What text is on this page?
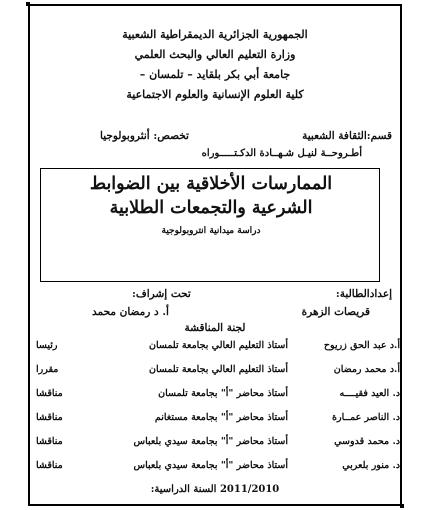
الجمهورية الجزائرية الديمقراطية الشعبية
وزارة التعليم العالي والبحث العلمي
جامعة أبي بكر بلقايد – تلمسان –
كلية العلوم الإنسانية والعلوم الاجتماعية
قسم:الثقافة الشعبية
تخصص: أنثروبولوجيا
أطـروحــة لنيـل شـهــادة الدكـتـــــوراه
الممارسات الأخلاقية بين الضوابط
الشرعية والتجمعات الطلابية
دراسة ميدانية انتروبولوجية
إعدادالطالبة:
تحت إشراف:
قريصات الزهرة
أ. د رمضان محمد
لجنة المناقشة
أ.د عبد الحق زريوح
أستاذ التعليم العالي بجامعة تلمسان
رئيسا
أ.د محمد رمضان
أستاذ التعليم العالي بجامعة تلمسان
مقررا
د. العيد فقيــــه
أستاذ محاضر "أ" بجامعة تلمسان
مناقشا
د. الناصر عمــارة
أستاذ محاضر "أ" بجامعة مستغانم
مناقشا
د. محمد قدوسي
أستاذ محاضر "أ" بجامعة سيدي بلعباس
مناقشا
د. منور بلعربي
أستاذ محاضر "أ" بجامعة سيدي بلعباس
مناقشا
السنة الدراسية: 2011/2010
